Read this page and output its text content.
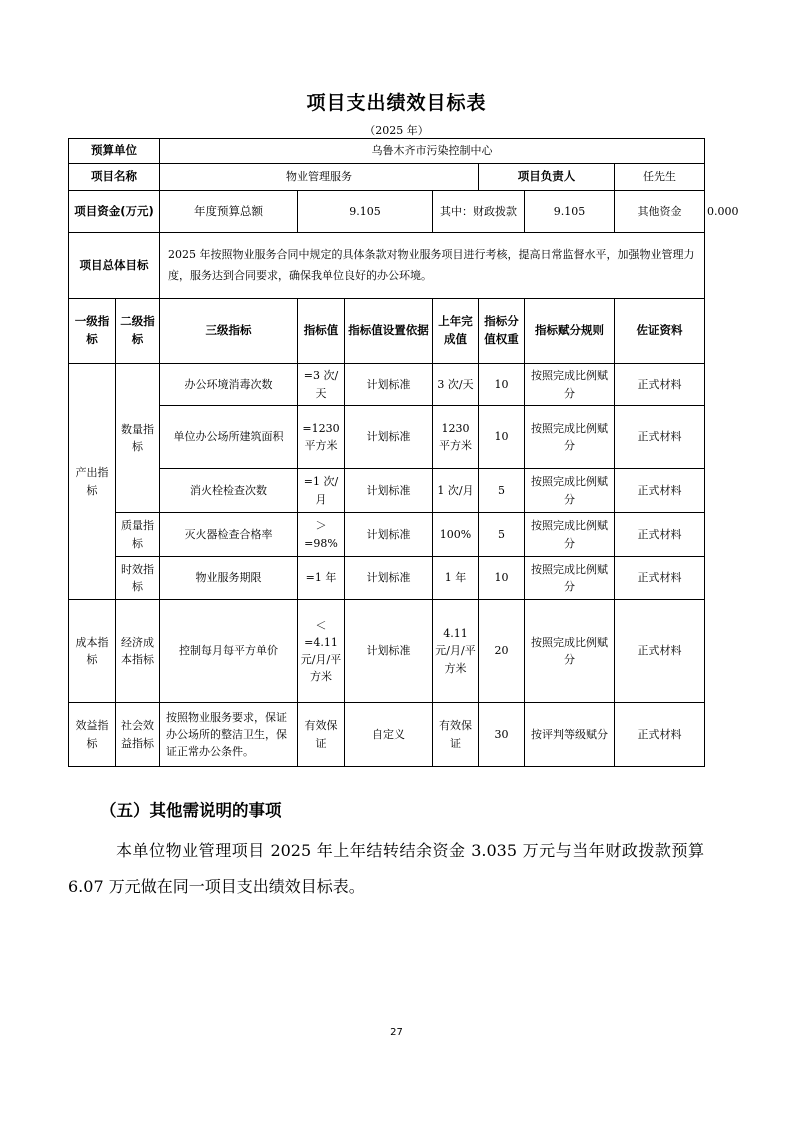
项目支出绩效目标表
（2025 年）
预算单位		乌鲁木齐市污染控制中心							
项目名称		物业管理服务				项目负责人		任先生	
项目资金(万元)		年度预算总额	9.105		其中：财政拨款		9.105	其他资金	0.000
项目总体目标		2025 年按照物业服务合同中规定的具体条款对物业服务项目进行考核，提高日常监督水平，加强物业管理力度，服务达到合同要求，确保我单位良好的办公环境。							
一级指标	二级指标	三级指标	指标值	指标值设置依据	上年完成值	指标分值权重	指标赋分规则	佐证资料	
产出指标	数量指标	办公环境消毒次数	=3 次/天	计划标准	3 次/天	10	按照完成比例赋分	正式材料	
		单位办公场所建筑面积	=1230 平方米	计划标准	1230 平方米	10	按照完成比例赋分	正式材料	
		消火栓检查次数	=1 次/月	计划标准	1 次/月	5	按照完成比例赋分	正式材料	
	质量指标	灭火器检查合格率	＞ =98%	计划标准	100%	5	按照完成比例赋分	正式材料	
	时效指标	物业服务期限	=1 年	计划标准	1 年	10	按照完成比例赋分	正式材料	
成本指标	经济成本指标	控制每月每平方单价	＜ =4.11 元/月/平方米	计划标准	4.11 元/月/平方米	20	按照完成比例赋分	正式材料	
效益指标	社会效益指标	按照物业服务要求，保证办公场所的整洁卫生，保证正常办公条件。	有效保证	自定义	有效保证	30	按评判等级赋分	正式材料	
（五）其他需说明的事项
本单位物业管理项目 2025 年上年结转结余资金 3.035 万元与当年财政拨款预算 6.07 万元做在同一项目支出绩效目标表。
27
